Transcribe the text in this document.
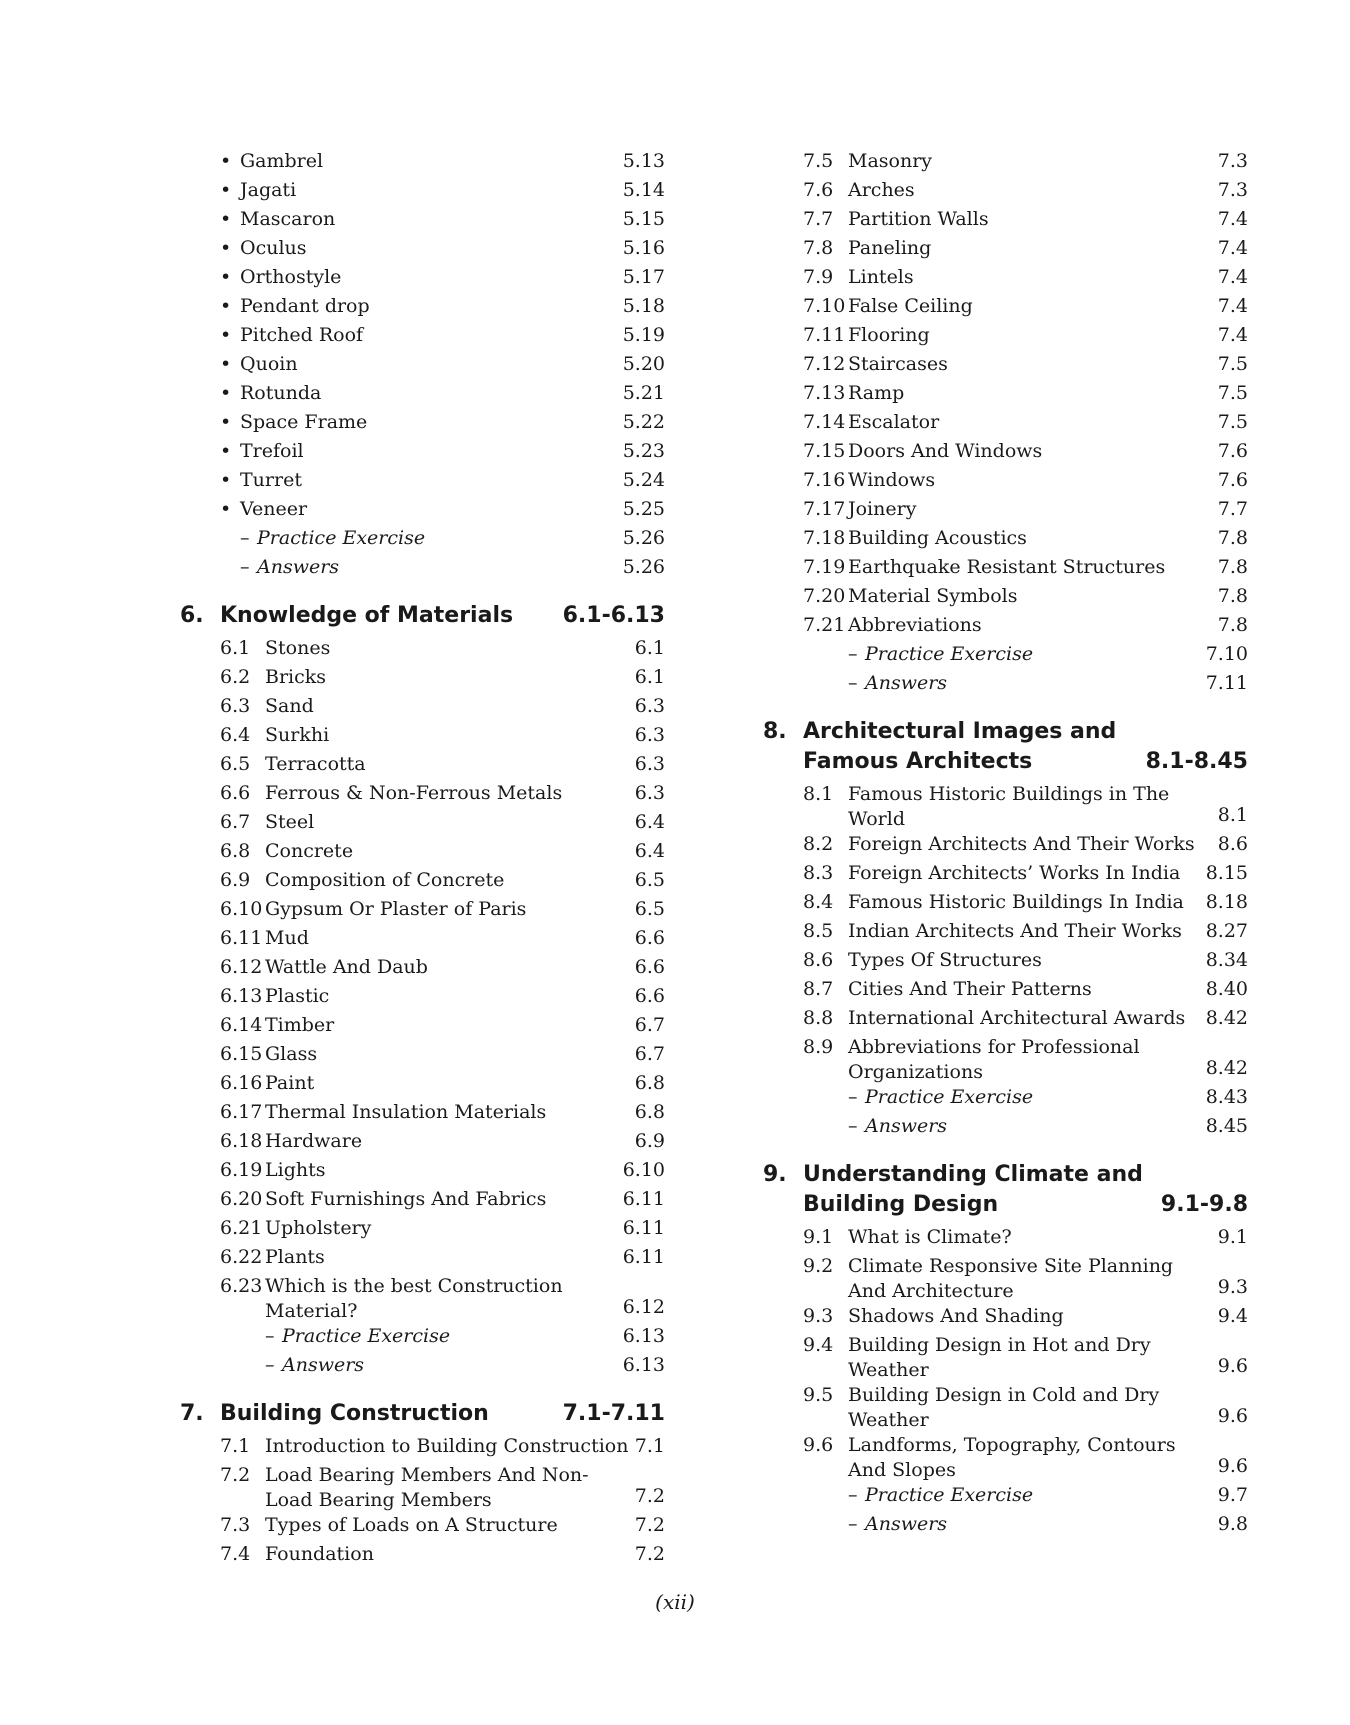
• Gambrel	5.13
• Jagati	5.14
• Mascaron	5.15
• Oculus	5.16
• Orthostyle	5.17
• Pendant drop	5.18
• Pitched Roof	5.19
• Quoin	5.20
• Rotunda	5.21
• Space Frame	5.22
• Trefoil	5.23
• Turret	5.24
• Veneer	5.25
– Practice Exercise	5.26
– Answers	5.26
6. Knowledge of Materials 6.1-6.13
6.1 Stones	6.1
6.2 Bricks	6.1
6.3 Sand	6.3
6.4 Surkhi	6.3
6.5 Terracotta	6.3
6.6 Ferrous & Non-Ferrous Metals	6.3
6.7 Steel	6.4
6.8 Concrete	6.4
6.9 Composition of Concrete	6.5
6.10 Gypsum Or Plaster of Paris	6.5
6.11 Mud	6.6
6.12 Wattle And Daub	6.6
6.13 Plastic	6.6
6.14 Timber	6.7
6.15 Glass	6.7
6.16 Paint	6.8
6.17 Thermal Insulation Materials	6.8
6.18 Hardware	6.9
6.19 Lights	6.10
6.20 Soft Furnishings And Fabrics	6.11
6.21 Upholstery	6.11
6.22 Plants	6.11
6.23 Which is the best Construction Material?	6.12
– Practice Exercise	6.13
– Answers	6.13
7. Building Construction	7.1-7.11
7.1 Introduction to Building Construction 7.1
7.2 Load Bearing Members And Non-Load Bearing Members	7.2
7.3 Types of Loads on A Structure	7.2
7.4 Foundation	7.2
7.5 Masonry	7.3
7.6 Arches	7.3
7.7 Partition Walls	7.4
7.8 Paneling	7.4
7.9 Lintels	7.4
7.10 False Ceiling	7.4
7.11 Flooring	7.4
7.12 Staircases	7.5
7.13 Ramp	7.5
7.14 Escalator	7.5
7.15 Doors And Windows	7.6
7.16 Windows	7.6
7.17 Joinery	7.7
7.18 Building Acoustics	7.8
7.19 Earthquake Resistant Structures	7.8
7.20 Material Symbols	7.8
7.21 Abbreviations	7.8
– Practice Exercise	7.10
– Answers	7.11
8. Architectural Images and
Famous Architects	8.1-8.45
8.1 Famous Historic Buildings in The World	8.1
8.2 Foreign Architects And Their Works 8.6
8.3 Foreign Architects’ Works In India 8.15
8.4 Famous Historic Buildings In India 8.18
8.5 Indian Architects And Their Works 8.27
8.6 Types Of Structures	8.34
8.7 Cities And Their Patterns	8.40
8.8 International Architectural Awards 8.42
8.9 Abbreviations for Professional Organizations	8.42
– Practice Exercise	8.43
– Answers	8.45
9. Understanding Climate and
Building Design	9.1-9.8
9.1 What is Climate?	9.1
9.2 Climate Responsive Site Planning And Architecture	9.3
9.3 Shadows And Shading	9.4
9.4 Building Design in Hot and Dry Weather	9.6
9.5 Building Design in Cold and Dry Weather	9.6
9.6 Landforms, Topography, Contours And Slopes	9.6
– Practice Exercise	9.7
– Answers	9.8
(xii)
